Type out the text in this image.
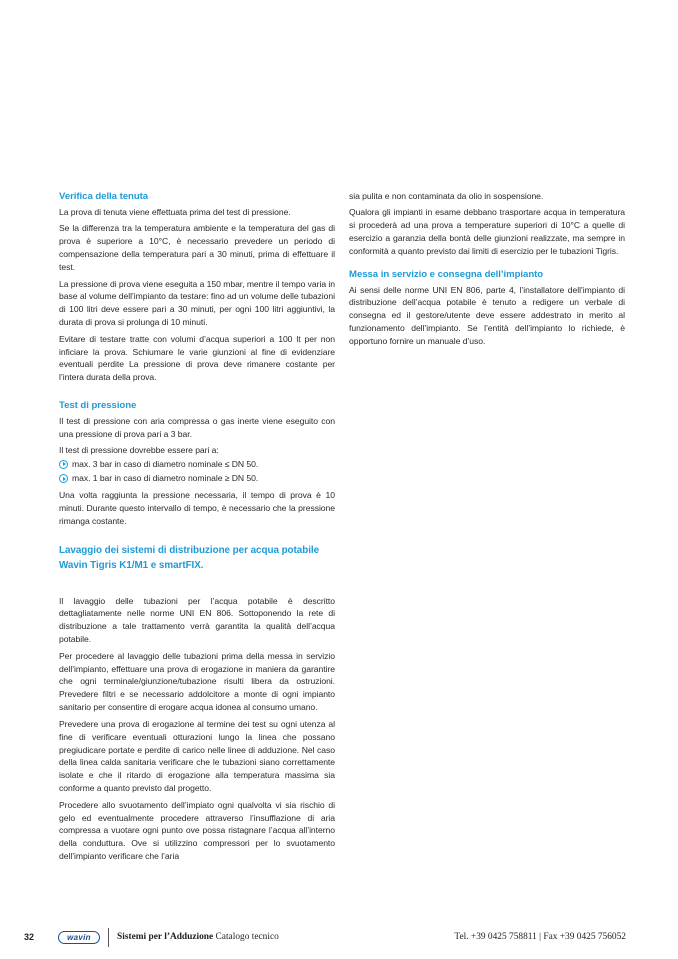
Verifica della tenuta

La prova di tenuta viene effettuata prima del test di pressione.

Se la differenza tra la temperatura ambiente e la temperatura del gas di prova è superiore a 10°C, è necessario prevedere un periodo di compensazione della temperatura pari a 30 minuti, prima di effettuare il test.

La pressione di prova viene eseguita a 150 mbar, mentre il tempo varia in base al volume dell’impianto da testare: fino ad un volume delle tubazioni di 100 litri deve essere pari a 30 minuti, per ogni 100 litri aggiuntivi, la durata di prova si prolunga di 10 minuti.

Evitare di testare tratte con volumi d’acqua superiori a 100 lt per non inficiare la prova. Schiumare le varie giunzioni al fine di evidenziare eventuali perdite La pressione di prova deve rimanere costante per l’intera durata della prova.

Test di pressione

Il test di pressione con aria compressa o gas inerte viene eseguito con una pressione di prova pari a 3 bar.

Il test di pressione dovrebbe essere pari a:

max. 3 bar in caso di diametro nominale ≤ DN 50.
max. 1 bar in caso di diametro nominale ≥ DN 50.

Una volta raggiunta la pressione necessaria, il tempo di prova è 10 minuti. Durante questo intervallo di tempo, è necessario che la pressione rimanga costante.

Lavaggio dei sistemi di distribuzione per acqua potabile
Wavin Tigris K1/M1 e smartFIX.

Il lavaggio delle tubazioni per l’acqua potabile è descritto dettagliatamente nelle norme UNI EN 806. Sottoponendo la rete di distribuzione a tale trattamento verrà garantita la qualità dell’acqua potabile.

Per procedere al lavaggio delle tubazioni prima della messa in servizio dell’impianto, effettuare una prova di erogazione in maniera da garantire che ogni terminale/giunzione/tubazione risulti libera da ostruzioni. Prevedere filtri e se necessario addolcitore a monte di ogni impianto sanitario per consentire di erogare acqua idonea al consumo umano.

Prevedere una prova di erogazione al termine dei test su ogni utenza al fine di verificare eventuali otturazioni lungo la linea che possano pregiudicare portate e perdite di carico nelle linee di adduzione. Nel caso della linea calda sanitaria verificare che le tubazioni siano correttamente isolate e che il ritardo di erogazione alla temperatura massima sia conforme a quanto previsto dal progetto.

Procedere allo svuotamento dell’impiato ogni qualvolta vi sia rischio di gelo ed eventualmente procedere attraverso l’insufflazione di aria compressa a vuotare ogni punto ove possa ristagnare l’acqua all’interno della conduttura. Ove si utilizzino compressori per lo svuotamento dell’impianto verificare che l’aria

sia pulita e non contaminata da olio in sospensione.

Qualora gli impianti in esame debbano trasportare acqua in temperatura si procederà ad una prova a temperature superiori di 10°C a quelle di esercizio a garanzia della bontà delle giunzioni realizzate, ma sempre in conformità a quanto previsto dai limiti di esercizio per le tubazioni Tigris.

Messa in servizio e consegna dell’impianto

Ai sensi delle norme UNI EN 806, parte 4, l’installatore dell’impianto di distribuzione dell’acqua potabile è tenuto a redigere un verbale di consegna ed il gestore/utente deve essere addestrato in merito al funzionamento dell’impianto. Se l’entità dell’impianto lo richiede, è opportuno fornire un manuale d’uso.

32	wavin	Sistemi per l’Adduzione Catalogo tecnico	Tel. +39 0425 758811 | Fax +39 0425 756052
